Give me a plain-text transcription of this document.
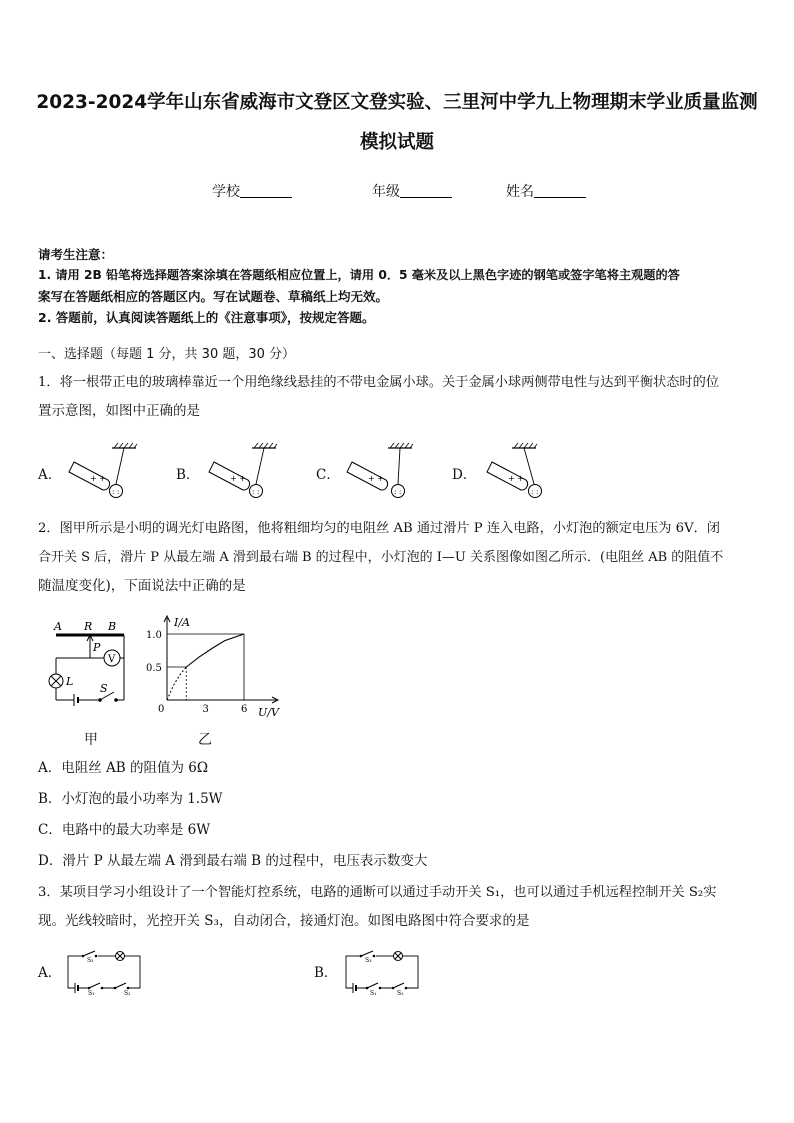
2023-2024学年山东省威海市文登区文登实验、三里河中学九上物理期末学业质量监测
模拟试题
学校	年级	姓名
请考生注意：
1. 请用 2B 铅笔将选择题答案涂填在答题纸相应位置上，请用 0．5 毫米及以上黑色字迹的钢笔或签字笔将主观题的答
案写在答题纸相应的答题区内。写在试题卷、草稿纸上均无效。
2. 答题前，认真阅读答题纸上的《注意事项》，按规定答题。
一、选择题（每题 1 分，共 30 题，30 分）
1．将一根带正电的玻璃棒靠近一个用绝缘线悬挂的不带电金属小球。关于金属小球两侧带电性与达到平衡状态时的位
置示意图，如图中正确的是
A．	B．	C．	D．
+ +
: :
+ +
: :
+ +
: :
+ +
: :
2．图甲所示是小明的调光灯电路图，他将粗细均匀的电阻丝 AB 通过滑片 P 连入电路，小灯泡的额定电压为 6V．闭
合开关 S 后，滑片 P 从最左端 A 滑到最右端 B 的过程中，小灯泡的 I—U 关系图像如图乙所示．(电阻丝 AB 的阻值不
随温度变化)，下面说法中正确的是
A R B
P
V
L
S
甲
I/A
U/V
0	3	6
0.5
1.0
乙
A．电阻丝 AB 的阻值为 6Ω
B．小灯泡的最小功率为 1.5W
C．电路中的最大功率是 6W
D．滑片 P 从最左端 A 滑到最右端 B 的过程中，电压表示数变大
3．某项目学习小组设计了一个智能灯控系统，电路的通断可以通过手动开关 S₁，也可以通过手机远程控制开关 S₂实
现。光线较暗时，光控开关 S₃，自动闭合，接通灯泡。如图电路图中符合要求的是
A．	B．
S₃
S₁	S₂
S₃
S₁	S₂
